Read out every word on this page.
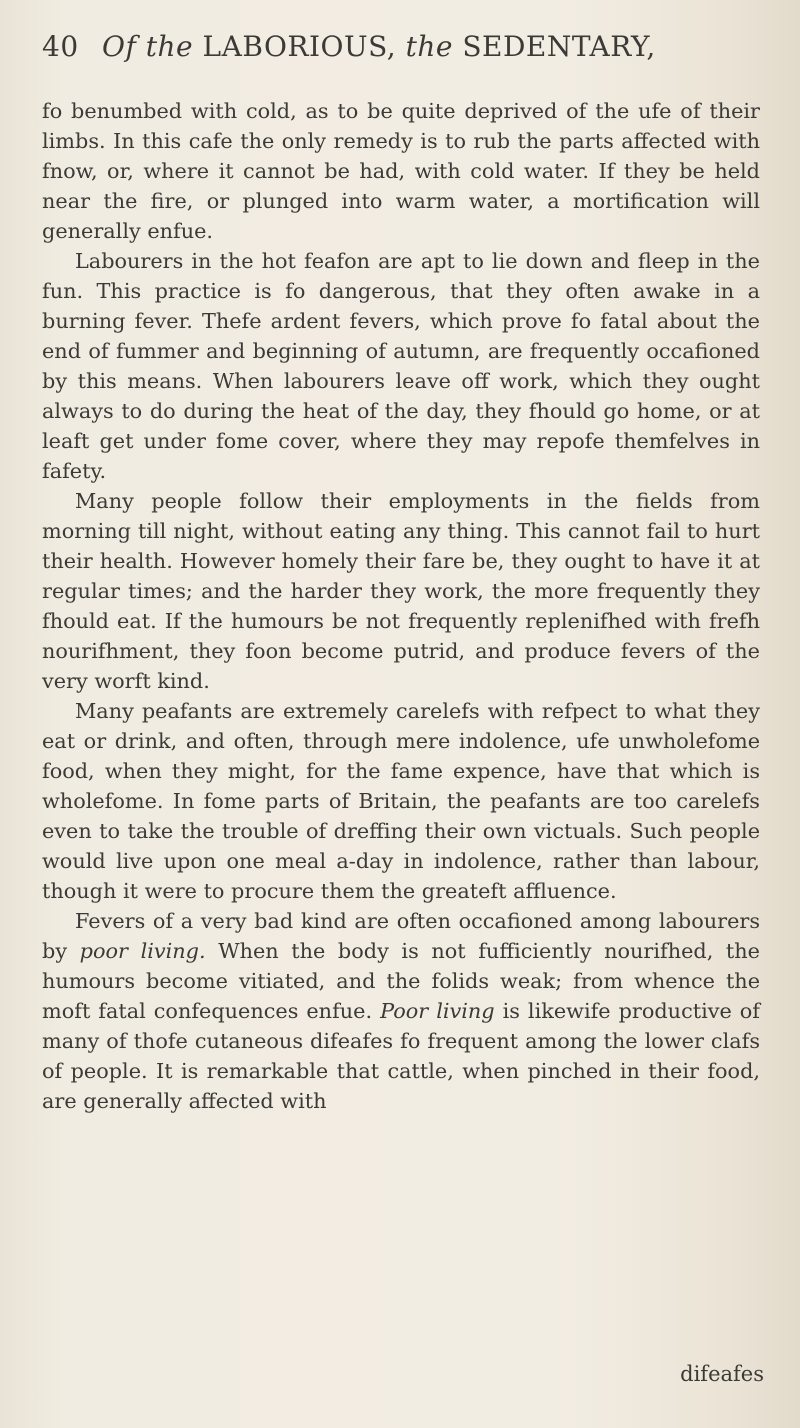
40 Of the LABORIOUS, the SEDENTARY,

fo benumbed with cold, as to be quite deprived of the ufe of their limbs. In this cafe the only remedy is to rub the parts affected with fnow, or, where it cannot be had, with cold water. If they be held near the fire, or plunged into warm water, a mortification will generally enfue.

Labourers in the hot feafon are apt to lie down and fleep in the fun. This practice is fo dangerous, that they often awake in a burning fever. Thefe ardent fevers, which prove fo fatal about the end of fummer and beginning of autumn, are frequently occafioned by this means. When labourers leave off work, which they ought always to do during the heat of the day, they fhould go home, or at leaft get under fome cover, where they may repofe themfelves in fafety.

Many people follow their employments in the fields from morning till night, without eating any thing. This cannot fail to hurt their health. However homely their fare be, they ought to have it at regular times; and the harder they work, the more frequently they fhould eat. If the humours be not frequently replenifhed with frefh nourifhment, they foon become putrid, and produce fevers of the very worft kind.

Many peafants are extremely carelefs with refpect to what they eat or drink, and often, through mere indolence, ufe unwholefome food, when they might, for the fame expence, have that which is wholefome. In fome parts of Britain, the peafants are too carelefs even to take the trouble of dreffing their own victuals. Such people would live upon one meal a-day in indolence, rather than labour, though it were to procure them the greateft affluence.

Fevers of a very bad kind are often occafioned among labourers by poor living. When the body is not fufficiently nourifhed, the humours become vitiated, and the folids weak; from whence the moft fatal confequences enfue. Poor living is likewife productive of many of thofe cutaneous difeafes fo frequent among the lower clafs of people. It is remarkable that cattle, when pinched in their food, are generally affected with

difeafes
